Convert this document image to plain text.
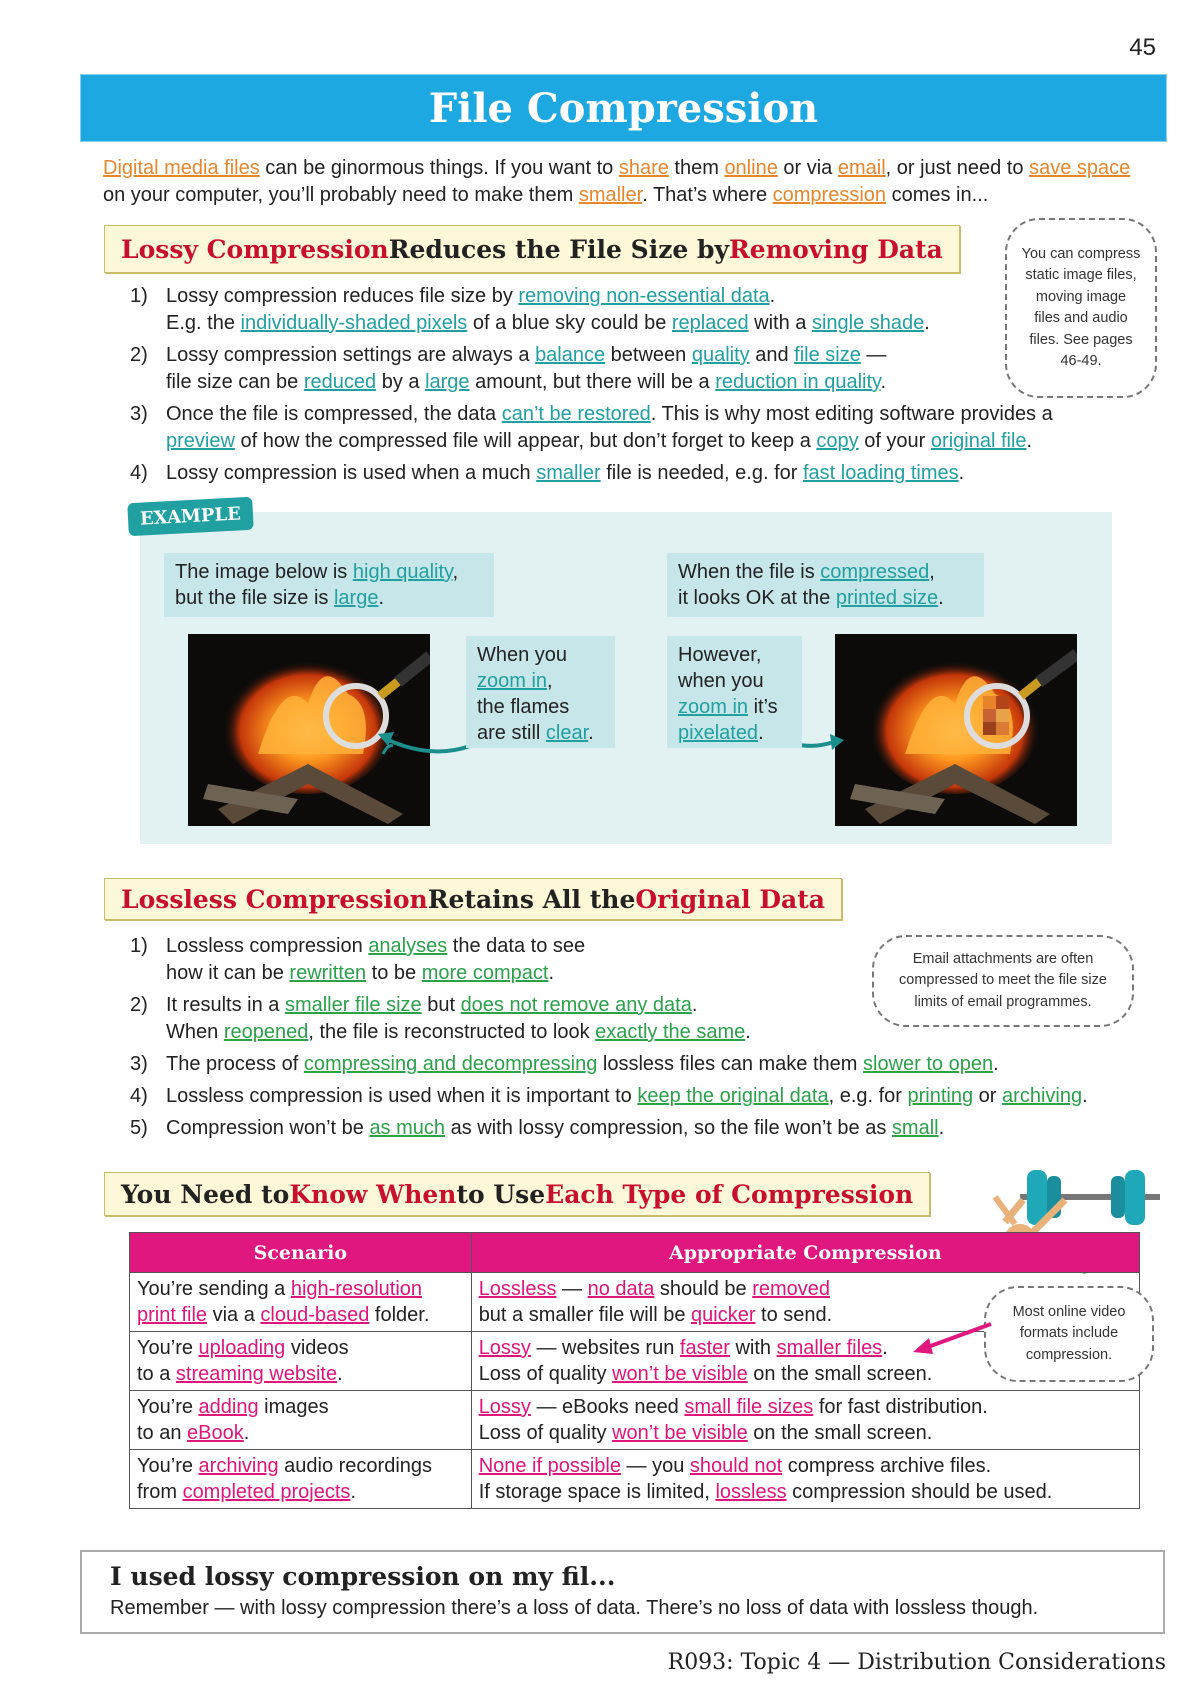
45
File Compression
Digital media files can be ginormous things. If you want to share them online or via email, or just need to save space on your computer, you’ll probably need to make them smaller. That’s where compression comes in...
Lossy Compression Reduces the File Size by Removing Data	You can compress static image files, moving image files and audio files. See pages 46-49.
1) Lossy compression reduces file size by removing non-essential data.
E.g. the individually-shaded pixels of a blue sky could be replaced with a single shade.
2) Lossy compression settings are always a balance between quality and file size —
file size can be reduced by a large amount, but there will be a reduction in quality.
3) Once the file is compressed, the data can’t be restored. This is why most editing software provides a
preview of how the compressed file will appear, but don’t forget to keep a copy of your original file.
4) Lossy compression is used when a much smaller file is needed, e.g. for fast loading times.
EXAMPLE
The image below is high quality,
but the file size is large.
When the file is compressed,
it looks OK at the printed size.
When you
zoom in,
the flames
are still clear.
However,
when you
zoom in it’s
pixelated.
Lossless Compression Retains All the Original Data
Email attachments are often compressed to meet the file size limits of email programmes.
1) Lossless compression analyses the data to see
how it can be rewritten to be more compact.
2) It results in a smaller file size but does not remove any data.
When reopened, the file is reconstructed to look exactly the same.
3) The process of compressing and decompressing lossless files can make them slower to open.
4) Lossless compression is used when it is important to keep the original data, e.g. for printing or archiving.
5) Compression won’t be as much as with lossy compression, so the file won’t be as small.
You Need to Know When to Use Each Type of Compression
Scenario	Appropriate Compression
You’re sending a high-resolution
print file via a cloud-based folder.	Lossless — no data should be removed
but a smaller file will be quicker to send.
You’re uploading videos
to a streaming website.	Lossy — websites run faster with smaller files.
Loss of quality won’t be visible on the small screen.
You’re adding images
to an eBook.	Lossy — eBooks need small file sizes for fast distribution.
Loss of quality won’t be visible on the small screen.
You’re archiving audio recordings
from completed projects.	None if possible — you should not compress archive files.
If storage space is limited, lossless compression should be used.
Most online video formats include compression.
I used lossy compression on my fil...
Remember — with lossy compression there’s a loss of data. There’s no loss of data with lossless though.
R093: Topic 4 — Distribution Considerations
